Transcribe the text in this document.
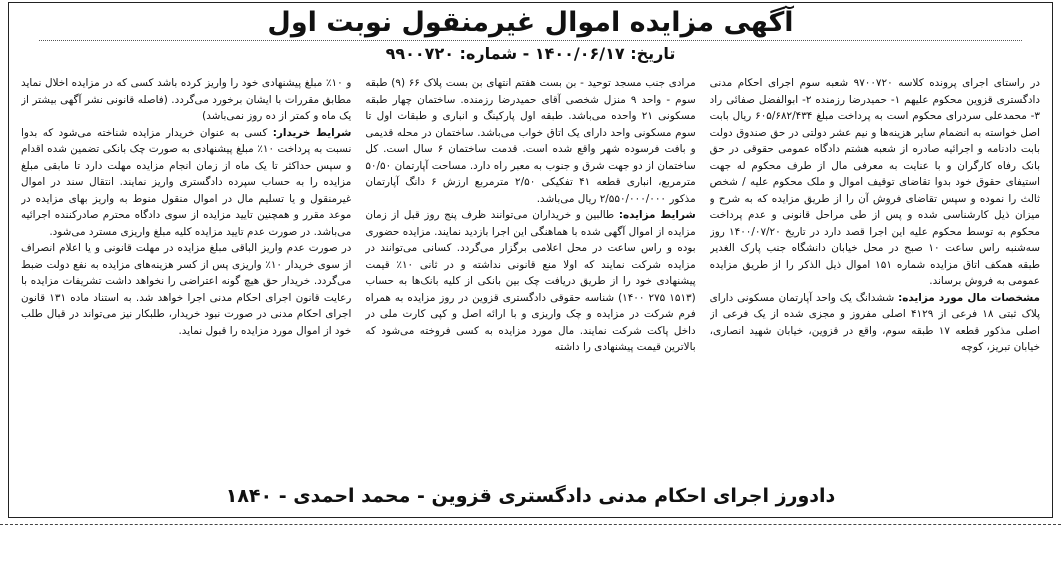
آگهی مزایده اموال غیرمنقول نوبت اول
تاریخ: ۱۴۰۰/۰۶/۱۷ - شماره: ۹۹۰۰۷۲۰

در راستای اجرای پرونده کلاسه ۹۷۰۰۷۲۰ شعبه سوم اجرای احکام مدنی دادگستری قزوین محکوم علیهم ۱- حمیدرضا رزمنده ۲- ابوالفضل صفائی راد ۳- محمدعلی سردرای محکوم است به پرداخت مبلغ ۶۰۵/۶۸۲/۴۳۴ ریال بابت اصل خواسته به انضمام سایر هزینه‌ها و نیم عشر دولتی در حق صندوق دولت بابت دادنامه و اجرائیه صادره از شعبه هشتم دادگاه عمومی حقوقی در حق بانک رفاه کارگران و با عنایت به معرفی مال از طرف محکوم له جهت استیفای حقوق خود بدوا تقاضای توقیف اموال و ملک محکوم علیه / شخص ثالث را نموده و سپس تقاضای فروش آن را از طریق مزایده که به شرح و میزان ذیل کارشناسی شده و پس از طی مراحل قانونی و عدم پرداخت محکوم به توسط محکوم علیه این اجرا قصد دارد در تاریخ ۱۴۰۰/۰۷/۲۰ روز سه‌شنبه راس ساعت ۱۰ صبح در محل خیابان دانشگاه جنب پارک الغدیر طبقه همکف اتاق مزایده شماره ۱۵۱ اموال ذیل الذکر را از طریق مزایده عمومی به فروش برساند.

مشخصات مال مورد مزایده: ششدانگ یک واحد آپارتمان مسکونی دارای پلاک ثبتی ۱۸ فرعی از ۴۱۲۹ اصلی مفروز و مجزی شده از یک فرعی از اصلی مذکور قطعه ۱۷ طبقه سوم، واقع در قزوین، خیابان شهید انصاری، خیابان تبریز، کوچه

مرادی جنب مسجد توحید - بن بست هفتم انتهای بن بست پلاک ۶۶ (۹) طبقه سوم - واحد ۹ منزل شخصی آقای حمیدرضا رزمنده. ساختمان چهار طبقه مسکونی ۲۱ واحده می‌باشد. طبقه اول پارکینگ و انباری و طبقات اول تا سوم مسکونی واحد دارای یک اتاق خواب می‌باشد. ساختمان در محله قدیمی و بافت فرسوده شهر واقع شده است. قدمت ساختمان ۶ سال است. کل ساختمان از دو جهت شرق و جنوب به معبر راه دارد. مساحت آپارتمان ۵۰/۵۰ مترمربع، انباری قطعه ۴۱ تفکیکی ۲/۵۰ مترمربع ارزش ۶ دانگ آپارتمان مذکور ۲/۵۵۰/۰۰۰/۰۰۰ ریال می‌باشد.

شرایط مزایده: طالبین و خریداران می‌توانند ظرف پنج روز قبل از زمان مزایده از اموال آگهی شده با هماهنگی این اجرا بازدید نمایند. مزایده حضوری بوده و راس ساعت در محل اعلامی برگزار می‌گردد. کسانی می‌توانند در مزایده شرکت نمایند که اولا منع قانونی نداشته و در ثانی ۱۰٪ قیمت پیشنهادی خود را از طریق دریافت چک بین بانکی از کلیه بانک‌ها به حساب (۱۵۱۳ ۲۷۵ ۱۴۰۰) شناسه حقوقی دادگستری قزوین در روز مزایده به همراه فرم شرکت در مزایده و چک واریزی و با ارائه اصل و کپی کارت ملی در داخل پاکت شرکت نمایند. مال مورد مزایده به کسی فروخته می‌شود که بالاترین قیمت پیشنهادی را داشته

و ۱۰٪ مبلغ پیشنهادی خود را واریز کرده باشد کسی که در مزایده اخلال نماید مطابق مقررات با ایشان برخورد می‌گردد. (فاصله قانونی نشر آگهی بیشتر از یک ماه و کمتر از ده روز نمی‌باشد)

شرایط خریدار: کسی به عنوان خریدار مزایده شناخته می‌شود که بدوا نسبت به پرداخت ۱۰٪ مبلغ پیشنهادی به صورت چک بانکی تضمین شده اقدام و سپس حداکثر تا یک ماه از زمان انجام مزایده مهلت دارد تا مابقی مبلغ مزایده را به حساب سپرده دادگستری واریز نمایند. انتقال سند در اموال غیرمنقول و یا تسلیم مال در اموال منقول منوط به واریز بهای مزایده در موعد مقرر و همچنین تایید مزایده از سوی دادگاه محترم صادرکننده اجرائیه می‌باشد. در صورت عدم تایید مزایده کلیه مبلغ واریزی مسترد می‌شود.

در صورت عدم واریز الباقی مبلغ مزایده در مهلت قانونی و یا اعلام انصراف از سوی خریدار ۱۰٪ واریزی پس از کسر هزینه‌های مزایده به نفع دولت ضبط می‌گردد. خریدار حق هیچ گونه اعتراضی را نخواهد داشت تشریفات مزایده با رعایت قانون اجرای احکام مدنی اجرا خواهد شد. به استناد ماده ۱۳۱ قانون اجرای احکام مدنی در صورت نبود خریدار، طلبکار نیز می‌تواند در قبال طلب خود از اموال مورد مزایده را قبول نماید.

دادورز اجرای احکام مدنی دادگستری قزوین - محمد احمدی - ۱۸۴۰
